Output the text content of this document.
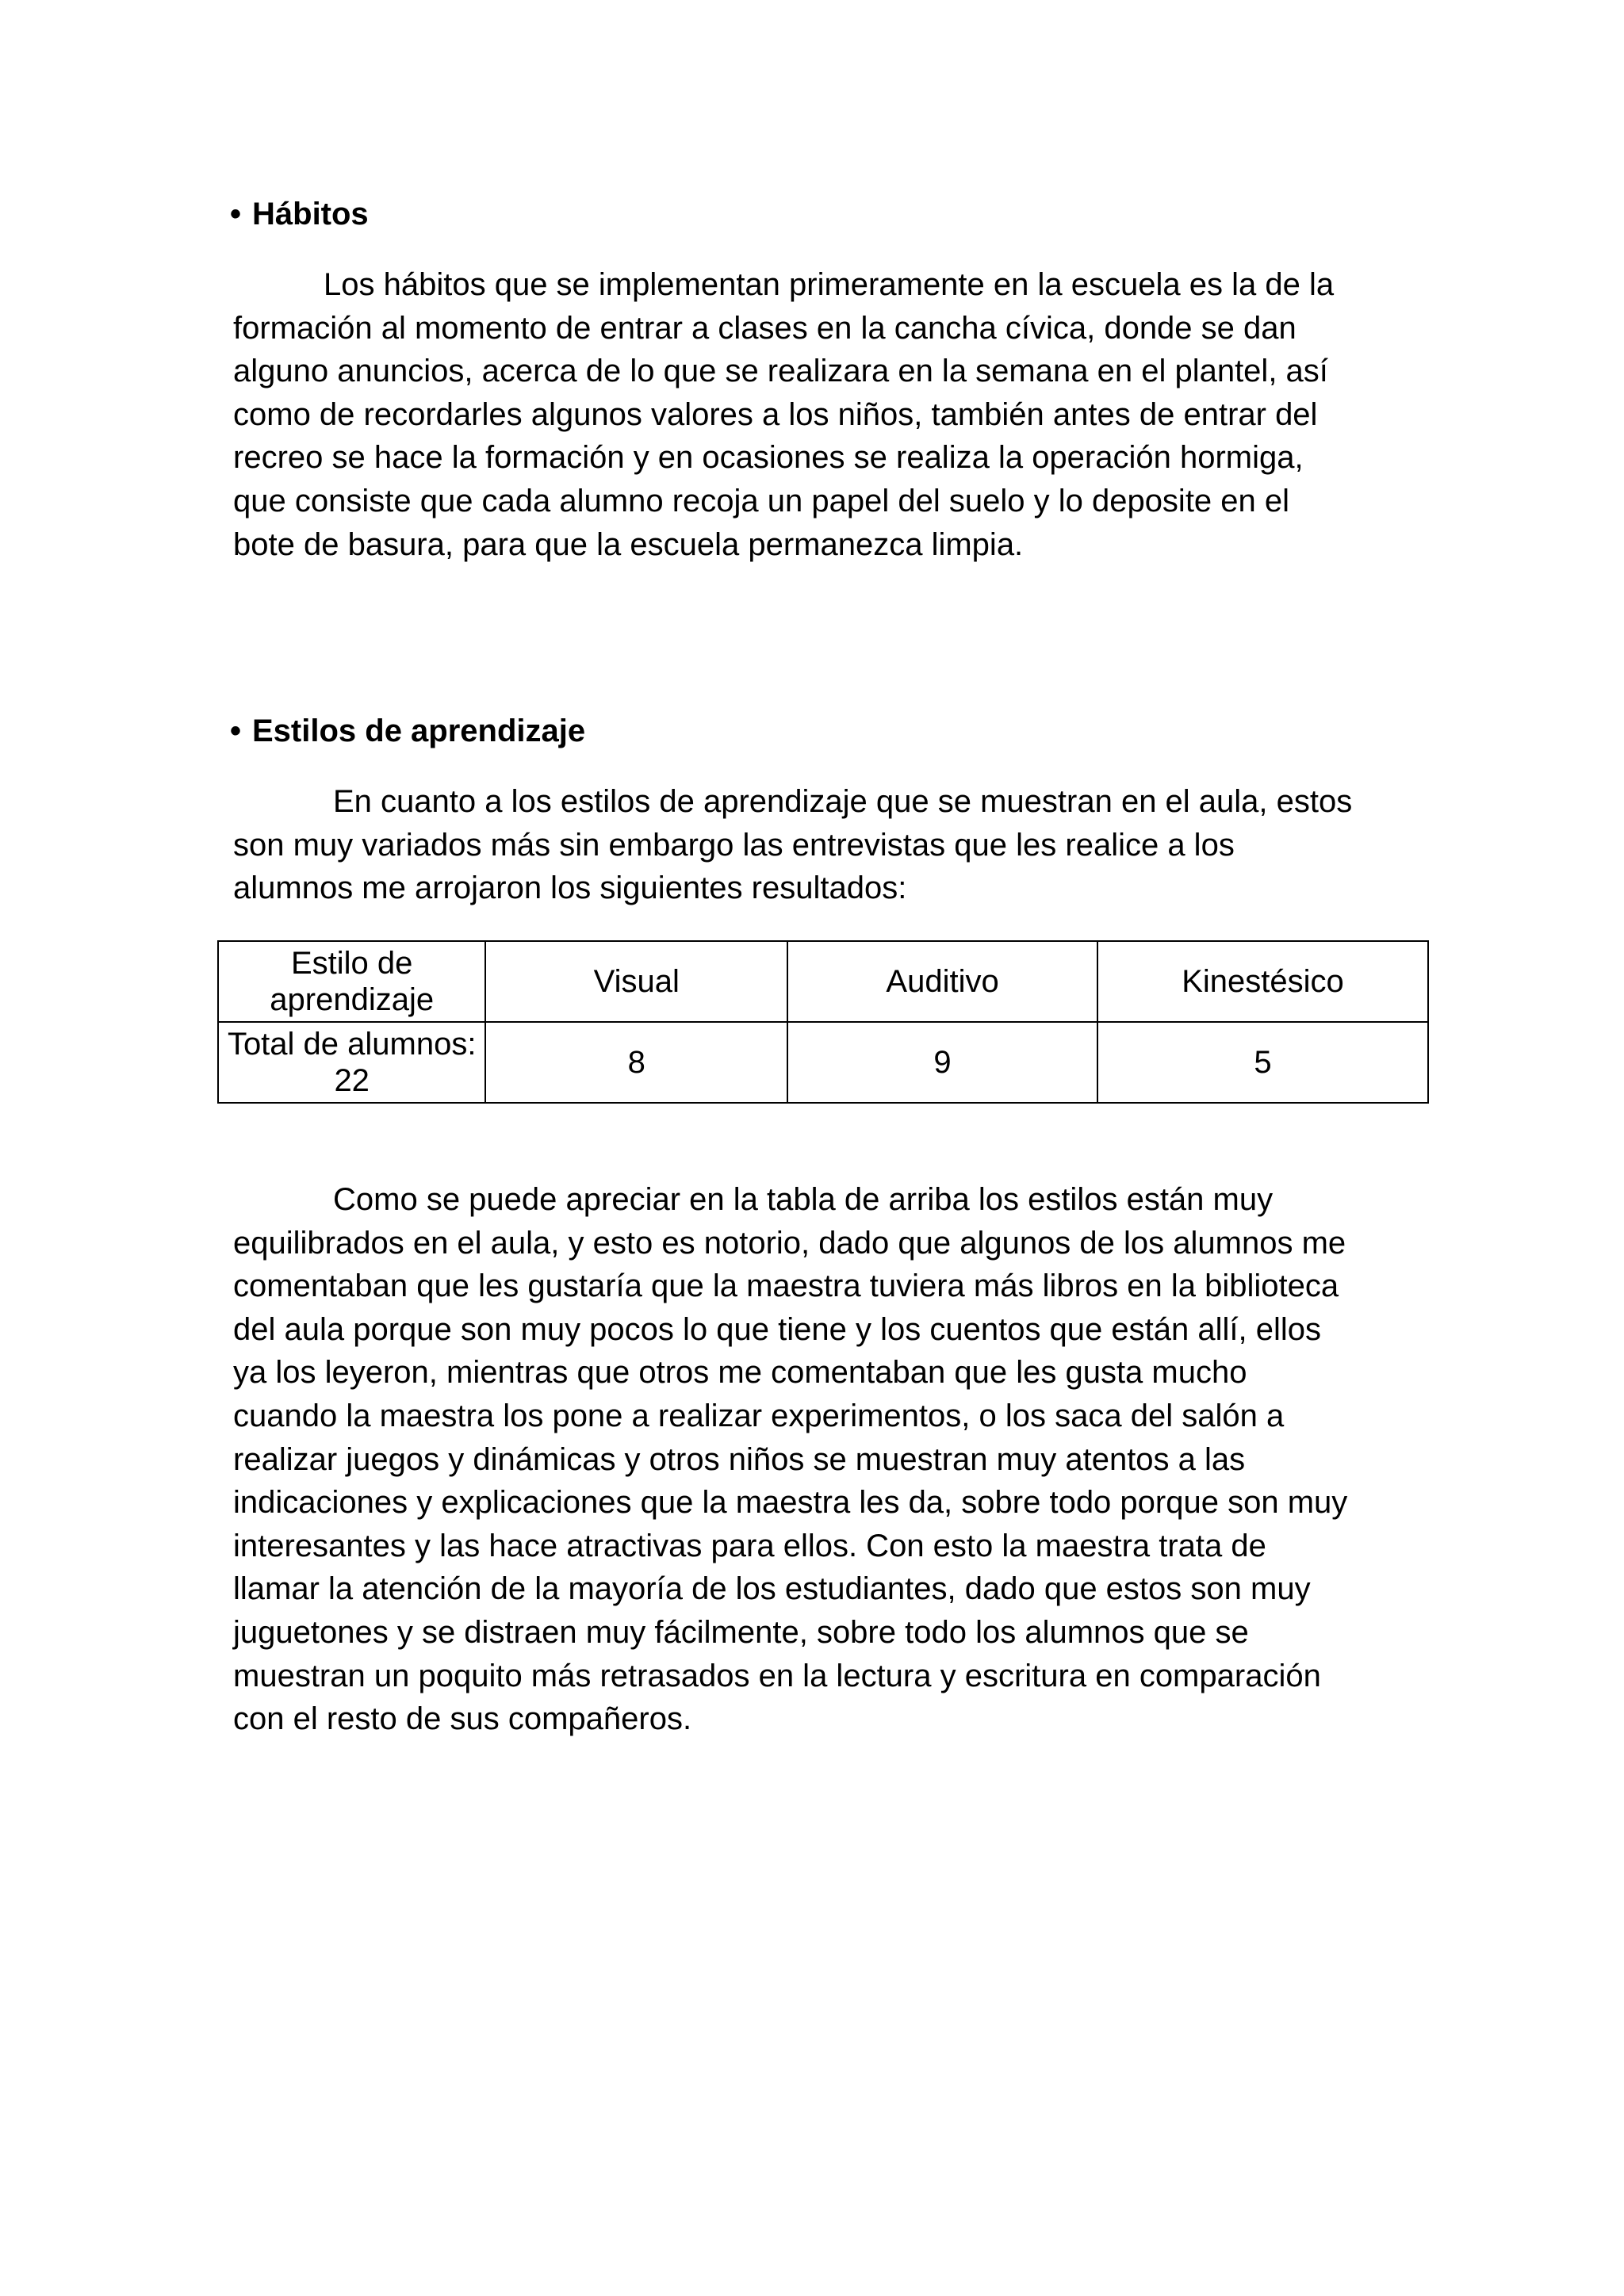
• Hábitos
Los hábitos que se implementan primeramente en la escuela es la de la
formación al momento de entrar a clases en la cancha cívica, donde se dan
alguno anuncios, acerca de lo que se realizara en la semana en el plantel, así
como de recordarles algunos valores a los niños, también antes de entrar del
recreo se hace la formación y en ocasiones se realiza la operación hormiga,
que consiste que cada alumno recoja un papel del suelo y lo deposite en el
bote de basura, para que la escuela permanezca limpia.
• Estilos de aprendizaje
En cuanto a los estilos de aprendizaje que se muestran en el aula, estos
son muy variados más sin embargo las entrevistas que les realice a los
alumnos me arrojaron los siguientes resultados:
Estilo de aprendizaje	Visual	Auditivo	Kinestésico
Total de alumnos: 22	8	9	5
Como se puede apreciar en la tabla de arriba los estilos están muy
equilibrados en el aula, y esto es notorio, dado que algunos de los alumnos me
comentaban que les gustaría que la maestra tuviera más libros en la biblioteca
del aula porque son muy pocos lo que tiene y los cuentos que están allí, ellos
ya los leyeron, mientras que otros me comentaban que les gusta mucho
cuando la maestra los pone a realizar experimentos, o los saca del salón a
realizar juegos y dinámicas y otros niños se muestran muy atentos a las
indicaciones y explicaciones que la maestra les da, sobre todo porque son muy
interesantes y las hace atractivas para ellos. Con esto la maestra trata de
llamar la atención de la mayoría de los estudiantes, dado que estos son muy
juguetones y se distraen muy fácilmente, sobre todo los alumnos que se
muestran un poquito más retrasados en la lectura y escritura en comparación
con el resto de sus compañeros.
